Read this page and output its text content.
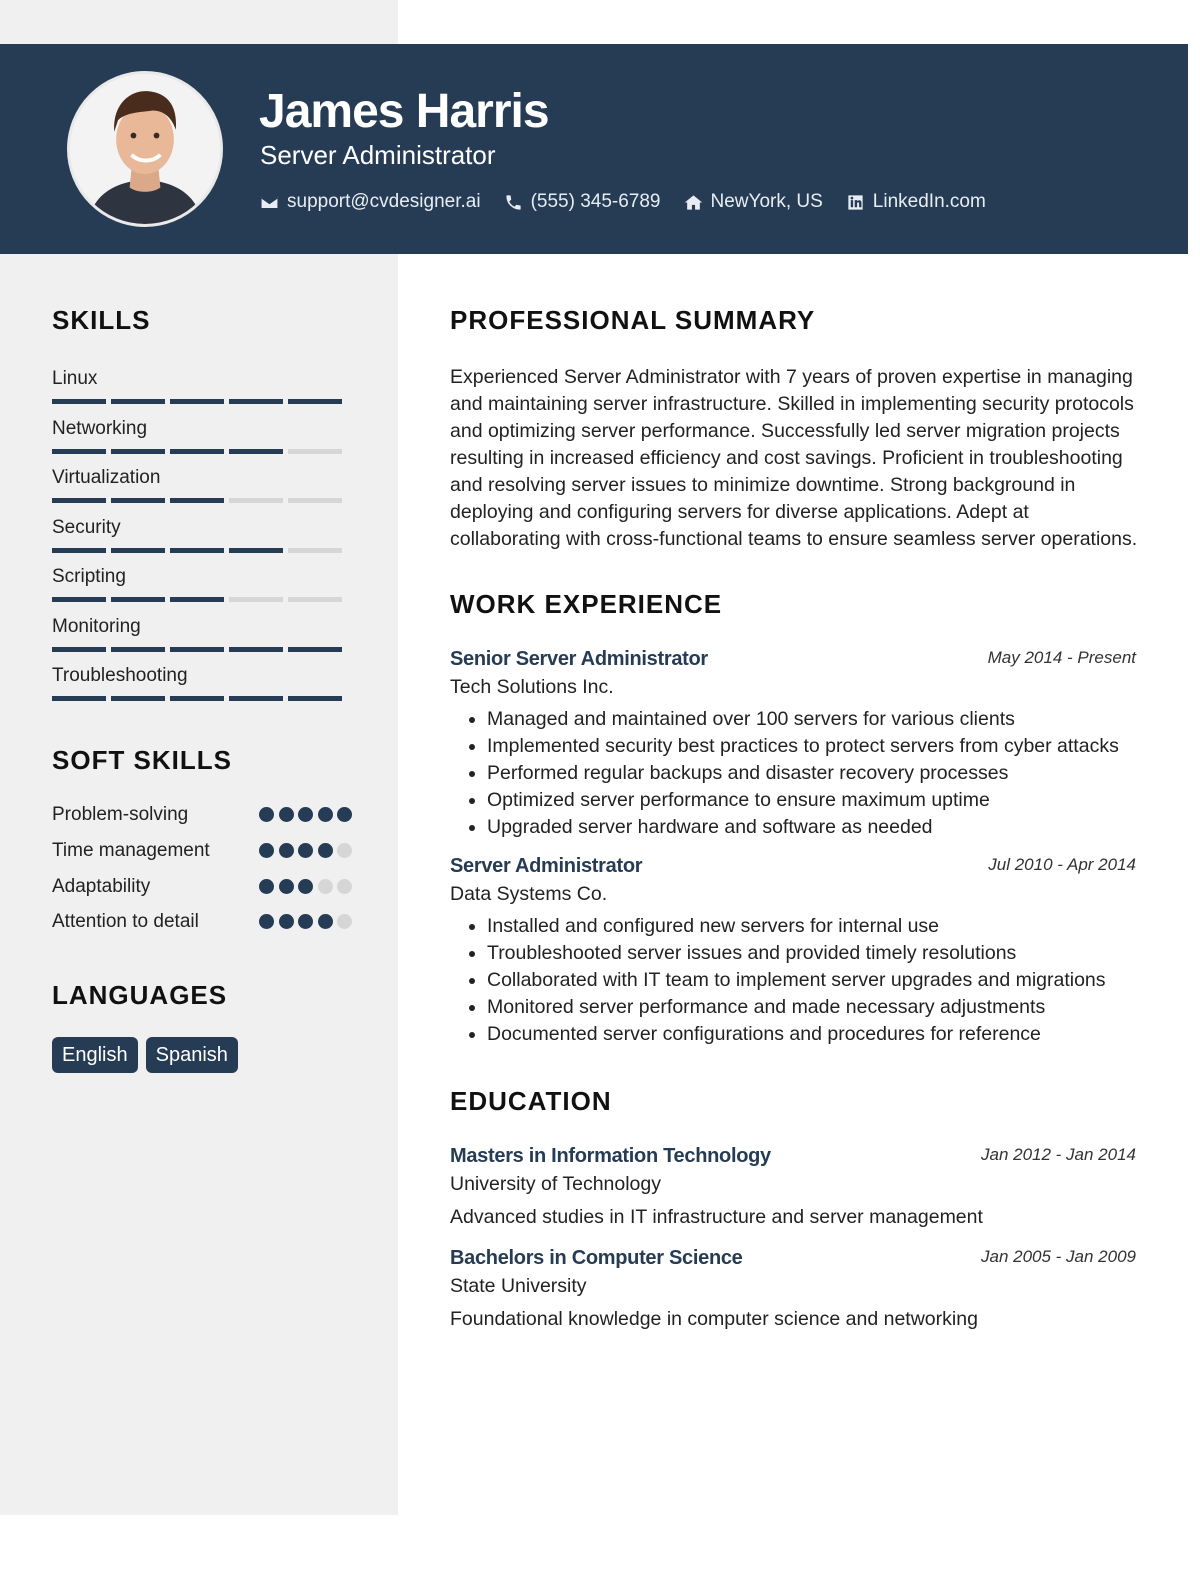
James Harris
Server Administrator
support@cvdesigner.ai	(555) 345-6789	NewYork, US	LinkedIn.com
SKILLS
Linux
Networking
Virtualization
Security
Scripting
Monitoring
Troubleshooting
SOFT SKILLS
Problem-solving
Time management
Adaptability
Attention to detail
LANGUAGES
English	Spanish
PROFESSIONAL SUMMARY
Experienced Server Administrator with 7 years of proven expertise in managing and maintaining server infrastructure. Skilled in implementing security protocols and optimizing server performance. Successfully led server migration projects resulting in increased efficiency and cost savings. Proficient in troubleshooting and resolving server issues to minimize downtime. Strong background in deploying and configuring servers for diverse applications. Adept at collaborating with cross-functional teams to ensure seamless server operations.
WORK EXPERIENCE
Senior Server Administrator	May 2014 - Present
Tech Solutions Inc.
• Managed and maintained over 100 servers for various clients
• Implemented security best practices to protect servers from cyber attacks
• Performed regular backups and disaster recovery processes
• Optimized server performance to ensure maximum uptime
• Upgraded server hardware and software as needed
Server Administrator	Jul 2010 - Apr 2014
Data Systems Co.
• Installed and configured new servers for internal use
• Troubleshooted server issues and provided timely resolutions
• Collaborated with IT team to implement server upgrades and migrations
• Monitored server performance and made necessary adjustments
• Documented server configurations and procedures for reference
EDUCATION
Masters in Information Technology	Jan 2012 - Jan 2014
University of Technology
Advanced studies in IT infrastructure and server management
Bachelors in Computer Science	Jan 2005 - Jan 2009
State University
Foundational knowledge in computer science and networking
